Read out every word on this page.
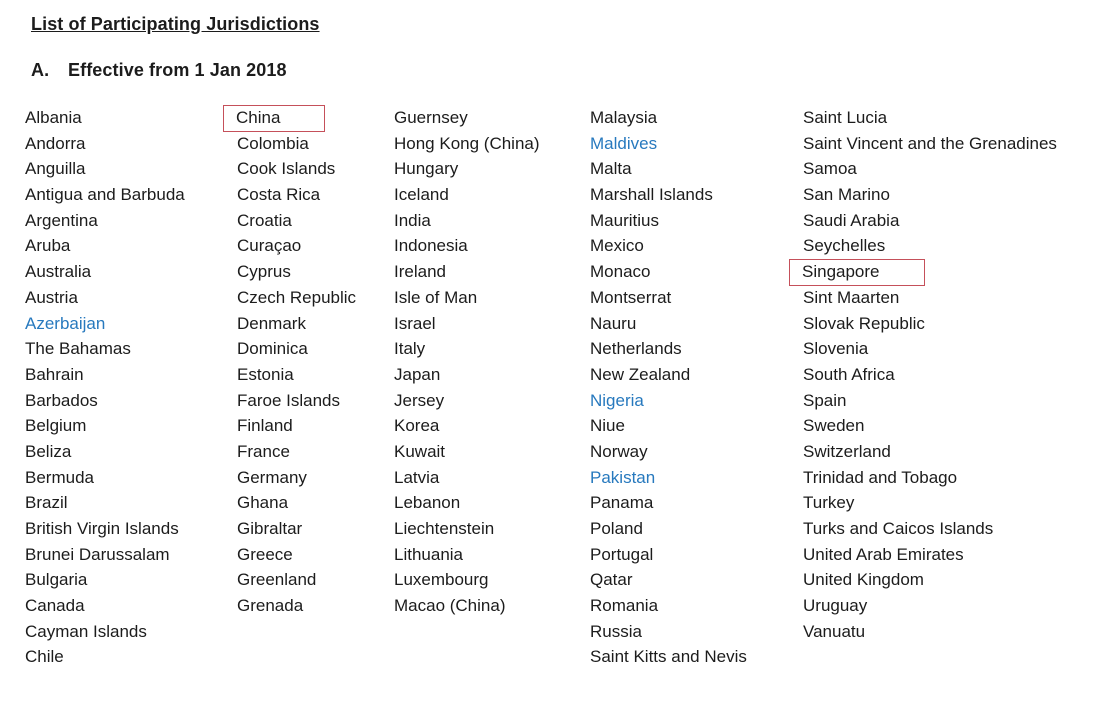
List of Participating Jurisdictions
A.	Effective from 1 Jan 2018
Albania
Andorra
Anguilla
Antigua and Barbuda
Argentina
Aruba
Australia
Austria
Azerbaijan
The Bahamas
Bahrain
Barbados
Belgium
Beliza
Bermuda
Brazil
British Virgin Islands
Brunei Darussalam
Bulgaria
Canada
Cayman Islands
Chile
China
Colombia
Cook Islands
Costa Rica
Croatia
Curaçao
Cyprus
Czech Republic
Denmark
Dominica
Estonia
Faroe Islands
Finland
France
Germany
Ghana
Gibraltar
Greece
Greenland
Grenada
Guernsey
Hong Kong (China)
Hungary
Iceland
India
Indonesia
Ireland
Isle of Man
Israel
Italy
Japan
Jersey
Korea
Kuwait
Latvia
Lebanon
Liechtenstein
Lithuania
Luxembourg
Macao (China)
Malaysia
Maldives
Malta
Marshall Islands
Mauritius
Mexico
Monaco
Montserrat
Nauru
Netherlands
New Zealand
Nigeria
Niue
Norway
Pakistan
Panama
Poland
Portugal
Qatar
Romania
Russia
Saint Kitts and Nevis
Saint Lucia
Saint Vincent and the Grenadines
Samoa
San Marino
Saudi Arabia
Seychelles
Singapore
Sint Maarten
Slovak Republic
Slovenia
South Africa
Spain
Sweden
Switzerland
Trinidad and Tobago
Turkey
Turks and Caicos Islands
United Arab Emirates
United Kingdom
Uruguay
Vanuatu
